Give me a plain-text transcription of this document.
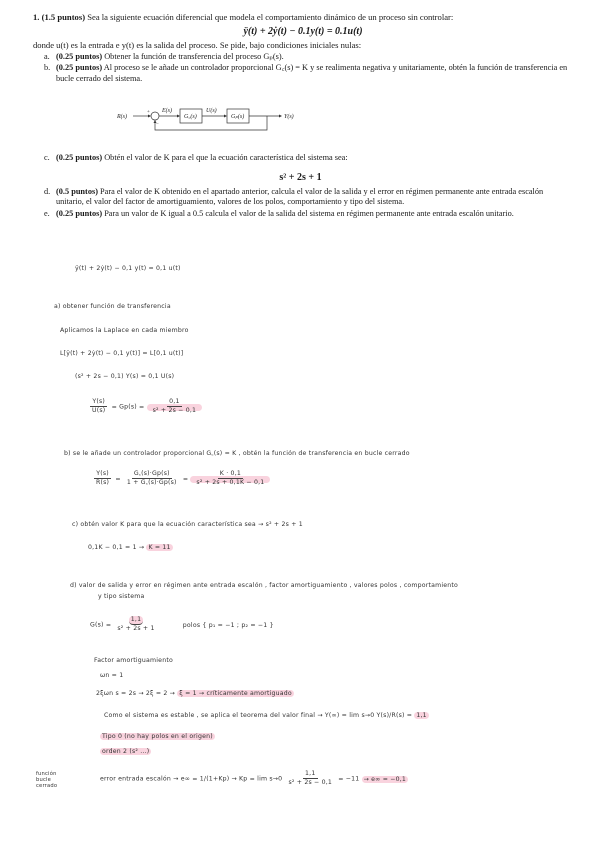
1. (1.5 puntos) Sea la siguiente ecuación diferencial que modela el comportamiento dinámico de un proceso sin controlar:
ÿ(t) + 2ẏ(t) − 0.1y(t) = 0.1u(t)
donde u(t) es la entrada e y(t) es la salida del proceso. Se pide, bajo condiciones iniciales nulas:
a. (0.25 puntos) Obtener la función de transferencia del proceso Gₚ(s).
b. (0.25 puntos) Al proceso se le añade un controlador proporcional G꜀(s) = K y se realimenta negativa y unitariamente, obtén la función de transferencia en bucle cerrado del sistema.
R(s)
+
−
E(s)
G꜀(s)
U(s)
Gₚ(s)	Y(s)
c. (0.25 puntos) Obtén el valor de K para el que la ecuación característica del sistema sea:
s² + 2s + 1
d. (0.5 puntos) Para el valor de K obtenido en el apartado anterior, calcula el valor de la salida y el error en régimen permanente ante entrada escalón unitario, el valor del factor de amortiguamiento, valores de los polos, comportamiento y tipo del sistema.
e. (0.25 puntos) Para un valor de K igual a 0.5 calcula el valor de la salida del sistema en régimen permanente ante entrada escalón unitario.
ÿ(t) + 2ẏ(t) − 0,1 y(t) = 0,1 u(t)
a) obtener función de transferencia
Aplicamos la Laplace en cada miembro
L[ÿ(t) + 2ẏ(t) − 0,1 y(t)] = L[0,1 u(t)]
(s² + 2s − 0,1) Y(s) = 0,1 U(s)
$\frac{Y(s)}{U(s)} = Gp(s) = \frac{0,1}{\text{s² + 2s − 0,1}}$
b) se le añade un controlador proporcional G꜀(s) = K , obtén la función de transferencia en bucle cerrado
$\frac{Y(s)}{R(s)} = \frac{G꜀(s)\cdot Gp(s)}{1 + G꜀(s)\cdot Gp(s)} = \frac{K \cdot 0,1}{\text{s² + 2s + 0,1K − 0,1}}$
c) obtén valor K para que la ecuación característica sea → s² + 2s + 1
0,1K − 0,1 = 1 → K = 11
d) valor de salida y error en régimen ante entrada escalón , factor amortiguamiento , valores polos , comportamiento
y tipo sistema
$G(s) = \frac{1,1}{\text{s² + 2s + 1}}$	polos { p₁ = −1 ; p₂ = −1 }
Factor amortiguamiento
ωn = 1
2ξωn s = 2s → 2ξ = 2 → ξ = 1 → críticamente amortiguado
Como el sistema es estable , se aplica el teorema del valor final → Y(∞) = lim s→0 Y(s)/R(s) = 1,1
Tipo 0 (no hay polos en el origen)
orden 2 (s² ...)
función bucle cerrado
error entrada escalón → $e\infty = 1/(1+Kp) \to Kp = \lim s\to 0 \frac{1,1}{\text{s² + 2s − 0,1}} = -11 \to e\infty = -0,1$
